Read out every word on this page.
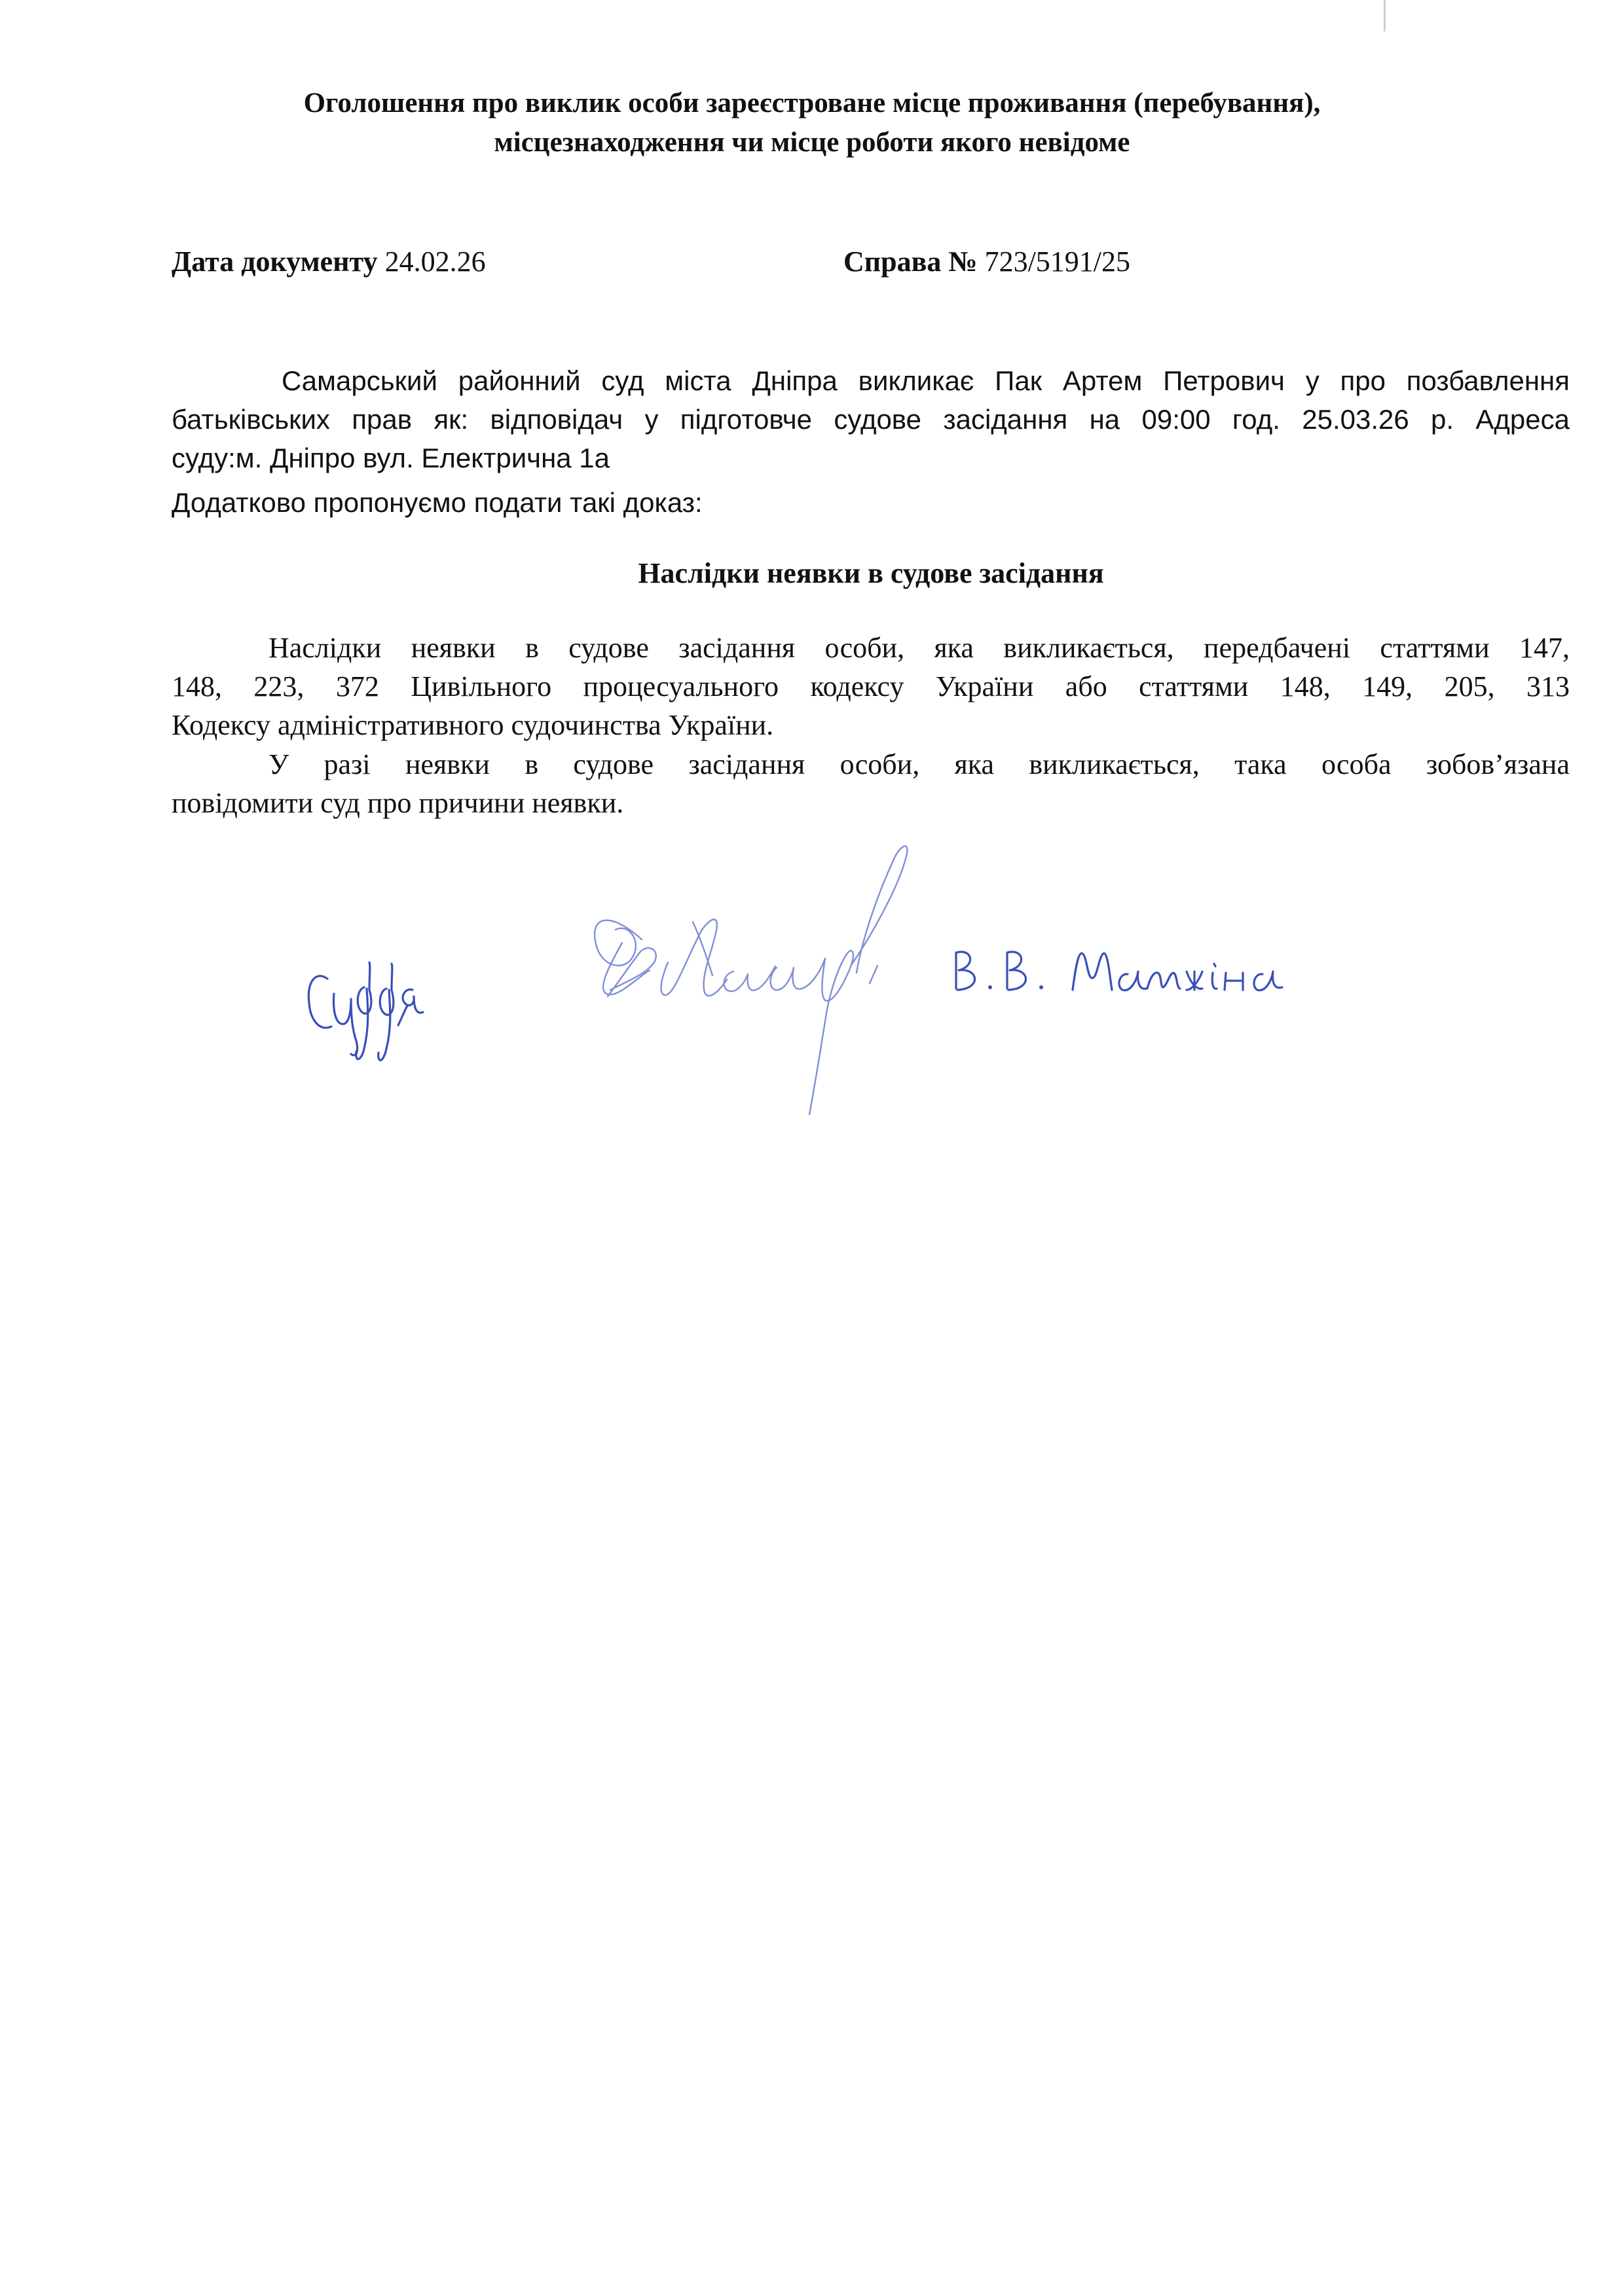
Оголошення про виклик особи зареєстроване місце проживання (перебування),
місцезнаходження чи місце роботи якого невідоме
Дата документу 24.02.26	Справа № 723/5191/25
Самарський районний суд міста Дніпра викликає Пак Артем Петрович у про позбавлення
батьківських прав як: відповідач у підготовче судове засідання на 09:00 год. 25.03.26 р. Адреса
суду:м. Дніпро вул. Електрична 1а
Додатково пропонуємо подати такі доказ:
Наслідки неявки в судове засідання
Наслідки неявки в судове засідання особи, яка викликається, передбачені статтями 147,
148, 223, 372 Цивільного процесуального кодексу України або статтями 148, 149, 205, 313
Кодексу адміністративного судочинства України.
У разі неявки в судове засідання особи, яка викликається, така особа зобов’язана
повідомити суд про причини неявки.
